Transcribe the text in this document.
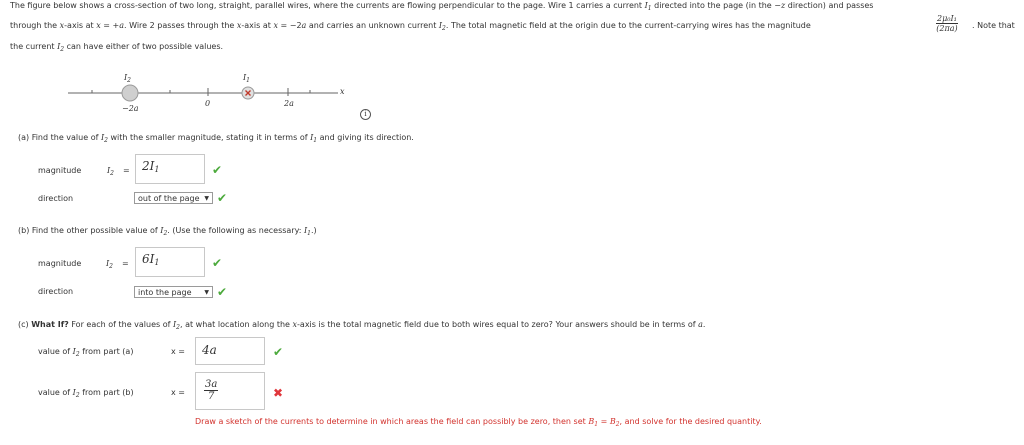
The figure below shows a cross-section of two long, straight, parallel wires, where the currents are flowing perpendicular to the page. Wire 1 carries a current $I_1$ directed into the page (in the −z direction) and passes
through the x-axis at x = +a. Wire 2 passes through the x-axis at x = −2a and carries an unknown current $I_2$. The total magnetic field at the origin due to the current-carrying wires has the magnitude	$\frac{\text{2μ₀I₁}}{(2\pi a)}$ . Note that
the current $I_2$ can have either of two possible values.
$I_2$	$I_1$
x
−2a
0	2a
i
(a) Find the value of $I_2$ with the smaller magnitude, stating it in terms of $I_1$ and giving its direction.
magnitude	$I_2$ =	$2I_1$	✔
direction	out of the page ▼ ✔
(b) Find the other possible value of $I_2$. (Use the following as necessary: $I_1$.)
magnitude	$I_2$ =	$6I_1$	✔
direction	into the page ▼ ✔
(c) What If? For each of the values of $I_2$, at what location along the x-axis is the total magnetic field due to both wires equal to zero? Your answers should be in terms of a.
value of $I_2$ from part (a)	x =	4a	✔
value of $I_2$ from part (b)	$x = \frac{3a}{7}$	✖
Draw a sketch of the currents to determine in which areas the field can possibly be zero, then set $B_1 = B_2$, and solve for the desired quantity.
